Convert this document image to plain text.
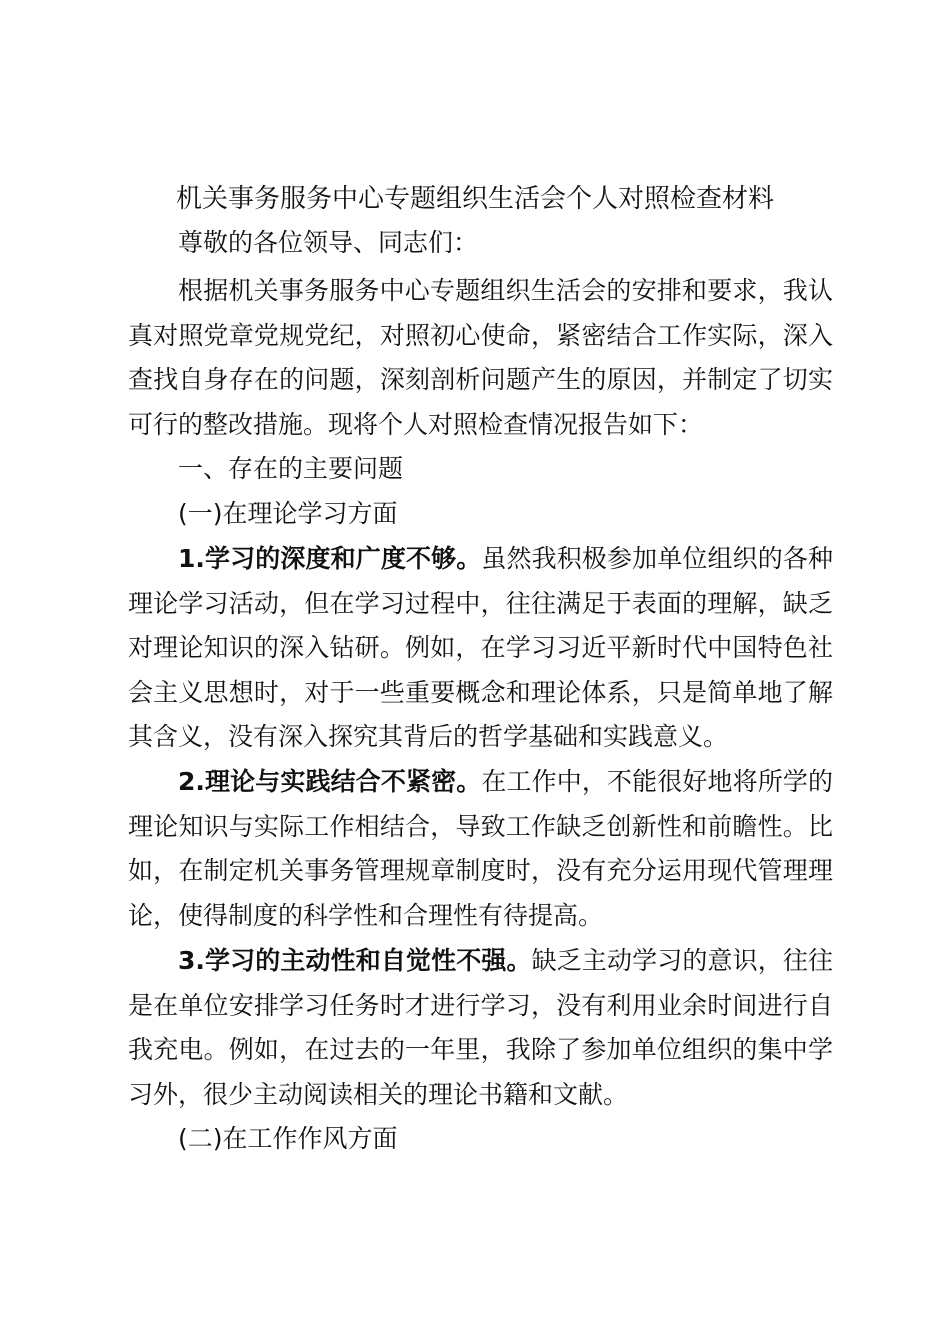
机关事务服务中心专题组织生活会个人对照检查材料

尊敬的各位领导、同志们：

根据机关事务服务中心专题组织生活会的安排和要求，我认真对照党章党规党纪，对照初心使命，紧密结合工作实际，深入查找自身存在的问题，深刻剖析问题产生的原因，并制定了切实可行的整改措施。现将个人对照检查情况报告如下：

一、存在的主要问题

(一)在理论学习方面

1.学习的深度和广度不够。虽然我积极参加单位组织的各种理论学习活动，但在学习过程中，往往满足于表面的理解，缺乏对理论知识的深入钻研。例如，在学习习近平新时代中国特色社会主义思想时，对于一些重要概念和理论体系，只是简单地了解其含义，没有深入探究其背后的哲学基础和实践意义。

2.理论与实践结合不紧密。在工作中，不能很好地将所学的理论知识与实际工作相结合，导致工作缺乏创新性和前瞻性。比如，在制定机关事务管理规章制度时，没有充分运用现代管理理论，使得制度的科学性和合理性有待提高。

3.学习的主动性和自觉性不强。缺乏主动学习的意识，往往是在单位安排学习任务时才进行学习，没有利用业余时间进行自我充电。例如，在过去的一年里，我除了参加单位组织的集中学习外，很少主动阅读相关的理论书籍和文献。

(二)在工作作风方面
